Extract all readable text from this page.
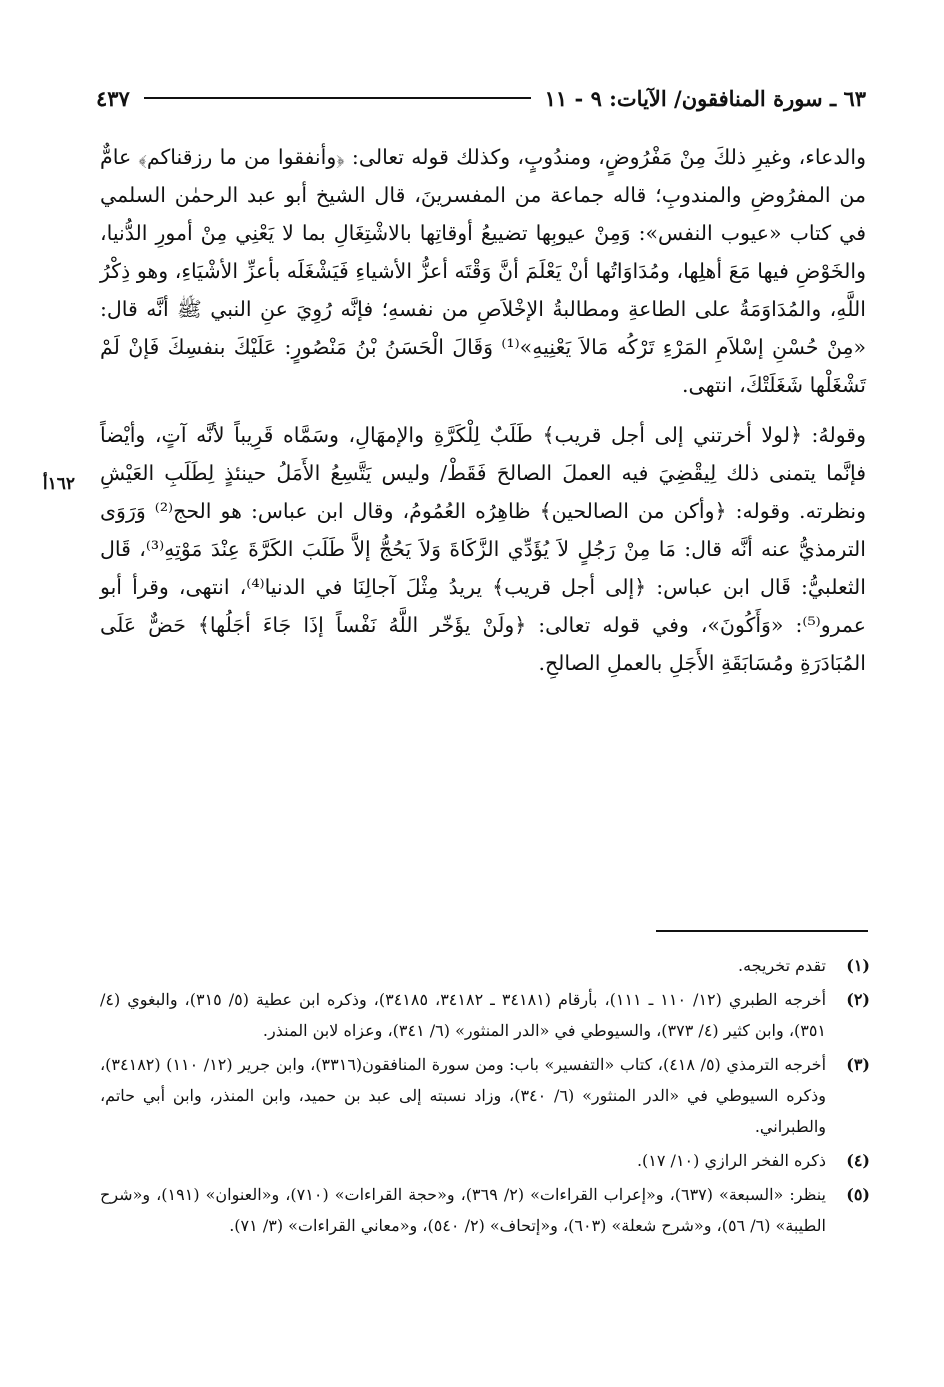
٦٣ ـ سورة المنافقون/ الآيات: ٩ - ١١
٤٣٧

والدعاء، وغيرِ ذلكَ مِنْ مَفْرُوضٍ، ومندُوبٍ، وكذلك قوله تعالى: ﴿وأنفقوا من ما رزقناكم﴾ عامٌّ من المفرُوضِ والمندوبِ؛ قاله جماعة من المفسرينَ، قال الشيخ أبو عبد الرحمٰن السلمي في كتاب «عيوب النفس»: وَمِنْ عيوبِها تضييعُ أوقاتِها بالاشْتِغَالِ بما لا يَعْنِي مِنْ أمورِ الدُّنيا، والخَوْضِ فيها مَعَ أهلِها، ومُدَاوَاتُها أنْ يَعْلَمَ أنَّ وَقْتَه أعزُّ الأشياءِ فَيَشْغَلَه بأعزِّ الأشْيَاءِ، وهو ذِكْرُ اللَّهِ، والمُدَاوَمَةُ على الطاعةِ ومطالبةُ الإخْلاَصِ من نفسهِ؛ فإنَّه رُوِيَ عنِ النبي ﷺ أنَّه قال: «مِنْ حُسْنِ إسْلاَمِ المَرْءِ تَرْكُه مَالاَ يَعْنِيهِ»⁽¹⁾ وَقَالَ الْحَسَنُ بْنُ مَنْصُورٍ: عَلَيْكَ بنفسِكَ فَإنْ لَمْ تَشْغَلْها شَغَلَتْكَ، انتهى.

وقولهُ: ﴿لولا أخرتني إلى أجل قريب﴾ طَلَبٌ لِلْكَرَّةِ والإمهَالِ، وسَمَّاه قَرِيباً لأنَّه آتٍ، وأيْضاً فإنَّما يتمنى ذلك لِيقْضِيَ فيه العملَ الصالحَ فَقَطْ/ وليس يَتَّسِعُ الأَمَلُ حينئذٍ لِطَلَبِ العَيْشِ ونظرته. وقوله: ﴿وأكن من الصالحين﴾ ظاهِرُه العُمُومُ، وقال ابن عباس: هو الحج⁽²⁾ وَرَوَى الترمذيُّ عنه أنَّه قال: مَا مِنْ رَجُلٍ لاَ يُؤَدِّي الزَّكَاةَ وَلاَ يَحُجُّ إلاَّ طَلَبَ الكَرَّةَ عِنْدَ مَوْتِهِ⁽³⁾، قَال الثعلبيُّ: قَال ابن عباس: ﴿إلى أجل قريب﴾ يريدُ مِثْلَ آجالِنَا في الدنيا⁽⁴⁾، انتهى، وقرأ أبو عمرو⁽⁵⁾: «وَأَكُونَ»، وفي قوله تعالى: ﴿ولَنْ يؤَخّر اللَّهُ نَفْساً إذَا جَاءَ أجَلُها﴾ حَضٌّ عَلَى المُبَادَرَةِ ومُسَابَقَةِ الأَجَلِ بالعملِ الصالحِ.

١٦٢أ
(١)
تقدم تخريجه.
(٢)
أخرجه الطبري (١٢/ ١١٠ ـ ١١١)، بأرقام (٣٤١٨١ ـ ٣٤١٨٢، ٣٤١٨٥)، وذكره ابن عطية (٥/ ٣١٥)، والبغوي (٤/ ٣٥١)، وابن كثير (٤/ ٣٧٣)، والسيوطي في «الدر المنثور» (٦/ ٣٤١)، وعزاه لابن المنذر.
(٣)
أخرجه الترمذي (٥/ ٤١٨)، كتاب «التفسير» باب: ومن سورة المنافقون(٣٣١٦)، وابن جرير (١٢/ ١١٠) (٣٤١٨٢)، وذكره السيوطي في «الدر المنثور» (٦/ ٣٤٠)، وزاد نسبته إلى عبد بن حميد، وابن المنذر، وابن أبي حاتم، والطبراني.
(٤)
ذكره الفخر الرازي (١٠/ ١٧).
(٥)
ينظر: «السبعة» (٦٣٧)، و«إعراب القراءات» (٢/ ٣٦٩)، و«حجة القراءات» (٧١٠)، و«العنوان» (١٩١)، و«شرح الطيبة» (٦/ ٥٦)، و«شرح شعلة» (٦٠٣)، و«إتحاف» (٢/ ٥٤٠)، و«معاني القراءات» (٣/ ٧١).
